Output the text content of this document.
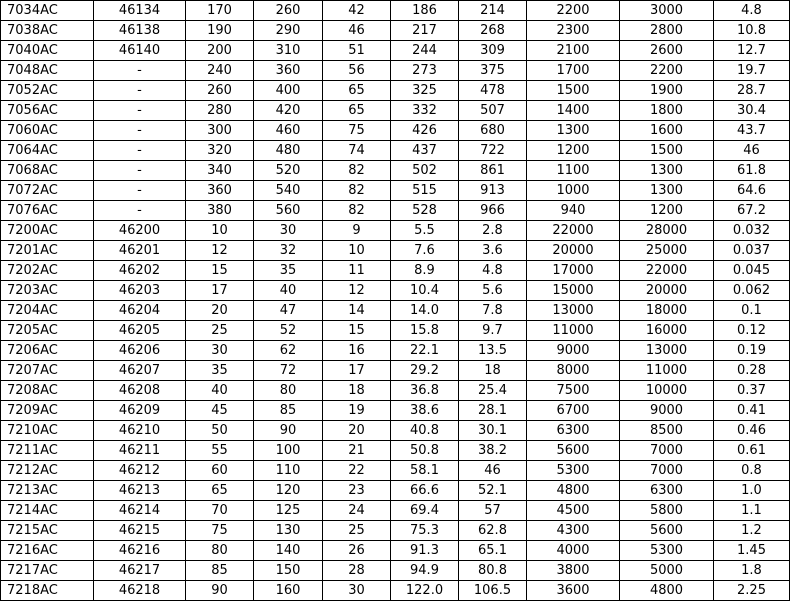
7034AC	46134	170	260	42	186	214	2200	3000	4.8
7038AC	46138	190	290	46	217	268	2300	2800	10.8
7040AC	46140	200	310	51	244	309	2100	2600	12.7
7048AC	-	240	360	56	273	375	1700	2200	19.7
7052AC	-	260	400	65	325	478	1500	1900	28.7
7056AC	-	280	420	65	332	507	1400	1800	30.4
7060AC	-	300	460	75	426	680	1300	1600	43.7
7064AC	-	320	480	74	437	722	1200	1500	46
7068AC	-	340	520	82	502	861	1100	1300	61.8
7072AC	-	360	540	82	515	913	1000	1300	64.6
7076AC	-	380	560	82	528	966	940	1200	67.2
7200AC	46200	10	30	9	5.5	2.8	22000	28000	0.032
7201AC	46201	12	32	10	7.6	3.6	20000	25000	0.037
7202AC	46202	15	35	11	8.9	4.8	17000	22000	0.045
7203AC	46203	17	40	12	10.4	5.6	15000	20000	0.062
7204AC	46204	20	47	14	14.0	7.8	13000	18000	0.1
7205AC	46205	25	52	15	15.8	9.7	11000	16000	0.12
7206AC	46206	30	62	16	22.1	13.5	9000	13000	0.19
7207AC	46207	35	72	17	29.2	18	8000	11000	0.28
7208AC	46208	40	80	18	36.8	25.4	7500	10000	0.37
7209AC	46209	45	85	19	38.6	28.1	6700	9000	0.41
7210AC	46210	50	90	20	40.8	30.1	6300	8500	0.46
7211AC	46211	55	100	21	50.8	38.2	5600	7000	0.61
7212AC	46212	60	110	22	58.1	46	5300	7000	0.8
7213AC	46213	65	120	23	66.6	52.1	4800	6300	1.0
7214AC	46214	70	125	24	69.4	57	4500	5800	1.1
7215AC	46215	75	130	25	75.3	62.8	4300	5600	1.2
7216AC	46216	80	140	26	91.3	65.1	4000	5300	1.45
7217AC	46217	85	150	28	94.9	80.8	3800	5000	1.8
7218AC	46218	90	160	30	122.0	106.5	3600	4800	2.25
